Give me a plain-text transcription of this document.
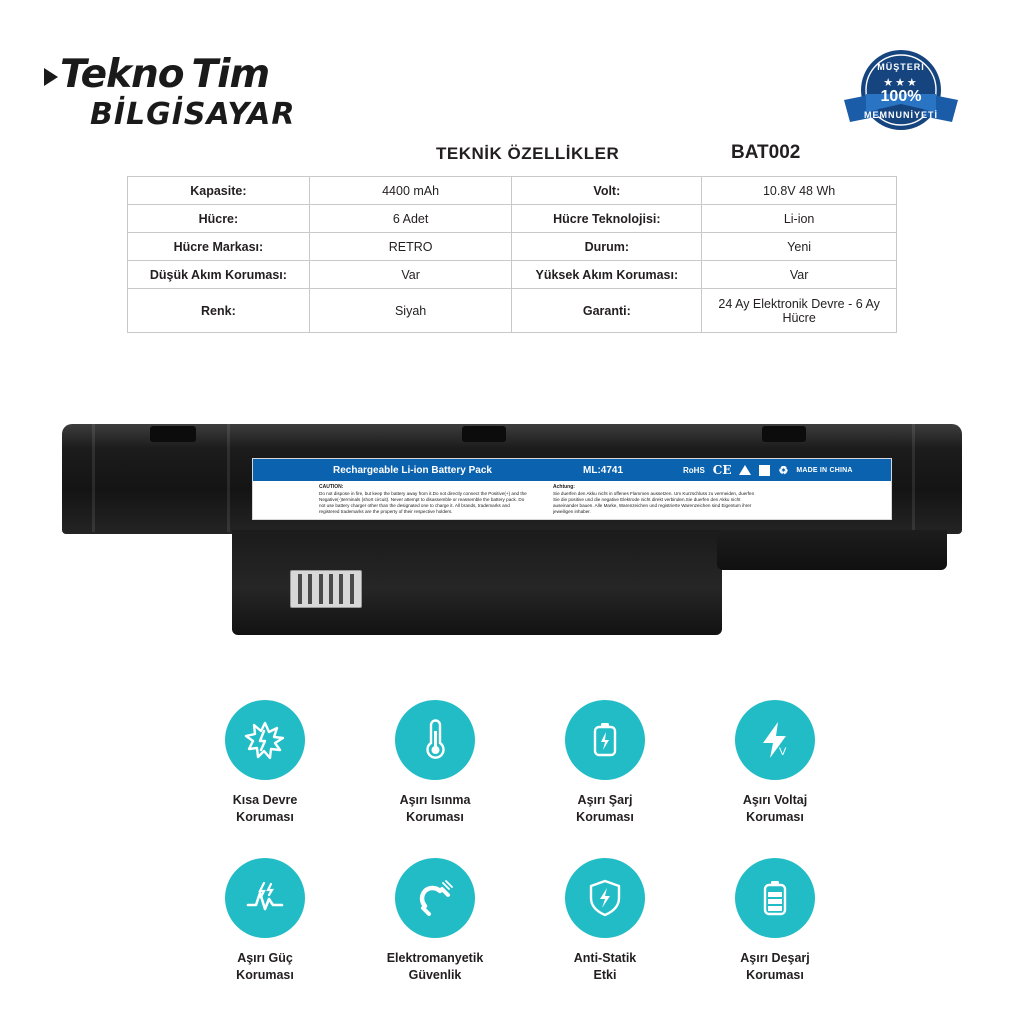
Tekno Tim
BİLGİSAYAR
MÜŞTERİ
★★★
100%
MEMNUNİYETİ
TEKNİK ÖZELLİKLER	BAT002
Kapasite:	4400 mAh	Volt:	10.8V 48 Wh
Hücre:	6 Adet	Hücre Teknolojisi:	Li-ion
Hücre Markası:	RETRO	Durum:	Yeni
Düşük Akım Koruması:	Var	Yüksek Akım Koruması:	Var
Renk:	Siyah	Garanti:	24 Ay Elektronik Devre - 6 Ay Hücre
Rechargeable Li-ion Battery Pack	ML:4741	RoHS CE	♻ MADE IN CHINA
CAUTION:
Do not dispose in fire, but keep the battery away from it.Do not directly connect the Positive(+) and the Negative(-)terminals (short circuit). Never attempt to disassemble or reassemble the battery pack. Do not use battery charger other than the designated one to charge it. All brands, trademarks and registered trademarks are the property of their respective holders.
Achtung:
Sie duerfen den Akku nicht in offenes Flammen aussetzen. Um Kurzschluss zu vermeiden, duerfen Sie die positive und die negative Elektrode nicht direkt verbinden.Sie duerfen den Akku nicht auseinander bauen. Alle Marke, Warenzeichen und registrierte Warenzeichen sind Eigentum ihrer jeweiligen inhaber.
Kısa Devre
Koruması
Aşırı Isınma
Koruması
Aşırı Şarj
Koruması
V
Aşırı Voltaj
Koruması
Aşırı Güç
Koruması
Elektromanyetik
Güvenlik
Anti-Statik
Etki
Aşırı Deşarj
Koruması
